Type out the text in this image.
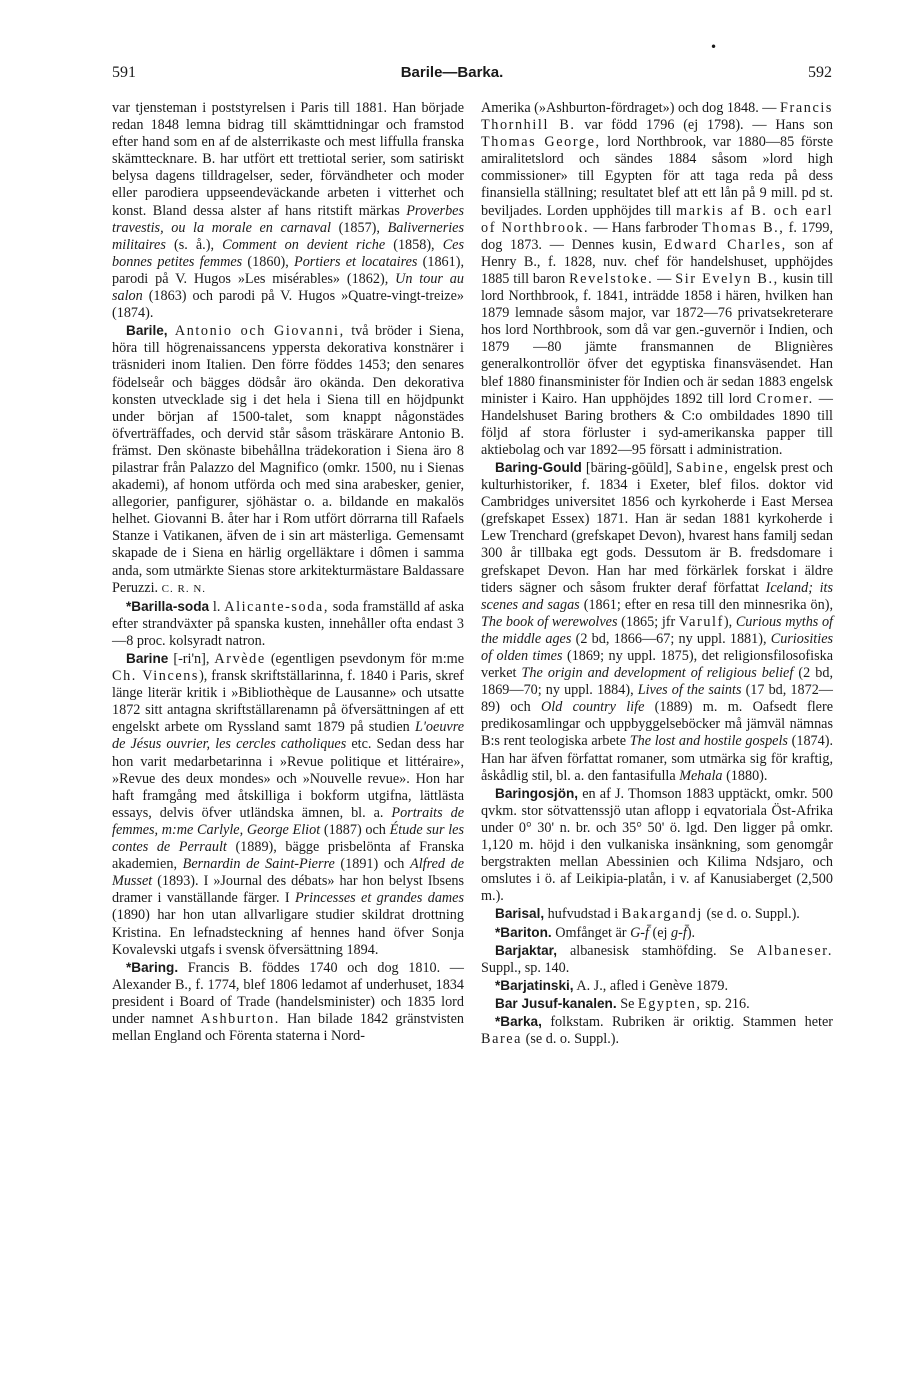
•
591	Barile—Barka.	592

var tjensteman i poststyrelsen i Paris till 1881. Han började redan 1848 lemna bidrag till skämttidningar och framstod efter hand som en af de alsterrikaste och mest liffulla franska skämttecknare. B. har utfört ett trettiotal serier, som satiriskt belysa dagens tilldragelser, seder, förvändheter och moder eller parodiera uppseendeväckande arbeten i vitterhet och konst. Bland dessa alster af hans ritstift märkas Proverbes travestis, ou la morale en carnaval (1857), Baliverneries militaires (s. å.), Comment on devient riche (1858), Ces bonnes petites femmes (1860), Portiers et locataires (1861), parodi på V. Hugos »Les misérables» (1862), Un tour au salon (1863) och parodi på V. Hugos »Quatre-vingt-treize» (1874).

Barile, Antonio och Giovanni, två bröder i Siena, höra till högrenaissancens yppersta dekorativa konstnärer i träsnideri inom Italien. Den förre föddes 1453; den senares födelseår och bägges dödsår äro okända. Den dekorativa konsten utvecklade sig i det hela i Siena till en höjdpunkt under början af 1500-talet, som knappt någonstädes öfverträffades, och dervid står såsom träskärare Antonio B. främst. Den skönaste bibehållna trädekoration i Siena äro 8 pilastrar från Palazzo del Magnifico (omkr. 1500, nu i Sienas akademi), af honom utförda och med sina arabesker, genier, allegorier, panfigurer, sjöhästar o. a. bildande en makalös helhet. Giovanni B. åter har i Rom utfört dörrarna till Rafaels Stanze i Vatikanen, äfven de i sin art mästerliga. Gemensamt skapade de i Siena en härlig orgelläktare i dômen i samma anda, som utmärkte Sienas store arkitekturmästare Baldassare Peruzzi. C. R. N.

*Barilla-soda l. Alicante-soda, soda framställd af aska efter strandväxter på spanska kusten, innehåller ofta endast 3—8 proc. kolsyradt natron.

Barine [-ri'n], Arvède (egentligen psevdonym för m:me Ch. Vincens), fransk skriftställarinna, f. 1840 i Paris, skref länge literär kritik i »Bibliothèque de Lausanne» och utsatte 1872 sitt antagna skriftställarenamn på öfversättningen af ett engelskt arbete om Ryssland samt 1879 på studien L'oeuvre de Jésus ouvrier, les cercles catholiques etc. Sedan dess har hon varit medarbetarinna i »Revue politique et littéraire», »Revue des deux mondes» och »Nouvelle revue». Hon har haft framgång med åtskilliga i bokform utgifna, lättlästa essays, delvis öfver utländska ämnen, bl. a. Portraits de femmes, m:me Carlyle, George Eliot (1887) och Étude sur les contes de Perrault (1889), bägge prisbelönta af Franska akademien, Bernardin de Saint-Pierre (1891) och Alfred de Musset (1893). I »Journal des débats» har hon belyst Ibsens dramer i vanställande färger. I Princesses et grandes dames (1890) har hon utan allvarligare studier skildrat drottning Kristina. En lefnadsteckning af hennes hand öfver Sonja Kovalevski utgafs i svensk öfversättning 1894.

*Baring. Francis B. föddes 1740 och dog 1810. — Alexander B., f. 1774, blef 1806 ledamot af underhuset, 1834 president i Board of Trade (handelsminister) och 1835 lord under namnet Ashburton. Han bilade 1842 gränstvisten mellan England och Förenta staterna i Nord-

Amerika (»Ashburton-fördraget») och dog 1848. — Francis Thornhill B. var född 1796 (ej 1798). — Hans son Thomas George, lord Northbrook, var 1880—85 förste amiralitetslord och sändes 1884 såsom »lord high commissioner» till Egypten för att taga reda på dess finansiella ställning; resultatet blef att ett lån på 9 mill. pd st. beviljades. Lorden upphöjdes till markis af B. och earl of Northbrook. — Hans farbroder Thomas B., f. 1799, dog 1873. — Dennes kusin, Edward Charles, son af Henry B., f. 1828, nuv. chef för handelshuset, upphöjdes 1885 till baron Revelstoke. — Sir Evelyn B., kusin till lord Northbrook, f. 1841, inträdde 1858 i hären, hvilken han 1879 lemnade såsom major, var 1872—76 privatsekreterare hos lord Northbrook, som då var gen.-guvernör i Indien, och 1879 —80 jämte fransmannen de Blignières generalkontrollör öfver det egyptiska finansväsendet. Han blef 1880 finansminister för Indien och är sedan 1883 engelsk minister i Kairo. Han upphöjdes 1892 till lord Cromer. — Handelshuset Baring brothers & C:o ombildades 1890 till följd af stora förluster i syd-amerikanska papper till aktiebolag och var 1892—95 försatt i administration.

Baring-Gould [bäring-gōūld], Sabine, engelsk prest och kulturhistoriker, f. 1834 i Exeter, blef filos. doktor vid Cambridges universitet 1856 och kyrkoherde i East Mersea (grefskapet Essex) 1871. Han är sedan 1881 kyrkoherde i Lew Trenchard (grefskapet Devon), hvarest hans familj sedan 300 år tillbaka egt gods. Dessutom är B. fredsdomare i grefskapet Devon. Han har med förkärlek forskat i äldre tiders sägner och såsom frukter deraf författat Iceland; its scenes and sagas (1861; efter en resa till den minnesrika ön), The book of werewolves (1865; jfr Varulf), Curious myths of the middle ages (2 bd, 1866—67; ny uppl. 1881), Curiosities of olden times (1869; ny uppl. 1875), det religionsfilosofiska verket The origin and development of religious belief (2 bd, 1869—70; ny uppl. 1884), Lives of the saints (17 bd, 1872—89) och Old country life (1889) m. m. Oafsedt flere predikosamlingar och uppbyggelseböcker må jämväl nämnas B:s rent teologiska arbete The lost and hostile gospels (1874). Han har äfven författat romaner, som utmärka sig för kraftig, åskådlig stil, bl. a. den fantasifulla Mehala (1880).

Baringosjön, en af J. Thomson 1883 upptäckt, omkr. 500 qvkm. stor sötvattenssjö utan aflopp i eqvatoriala Öst-Afrika under 0° 30' n. br. och 35° 50' ö. lgd. Den ligger på omkr. 1,120 m. höjd i den vulkaniska insänkning, som genomgår bergstrakten mellan Abessinien och Kilima Ndsjaro, och omslutes i ö. af Leikipia-platån, i v. af Kanusiaberget (2,500 m.).

Barisal, hufvudstad i Bakargandj (se d. o. Suppl.).

*Bariton. Omfånget är G-f̄ (ej g-f̄).

Barjaktar, albanesisk stamhöfding. Se Albaneser. Suppl., sp. 140.

*Barjatinski, A. J., afled i Genève 1879.

Bar Jusuf-kanalen. Se Egypten, sp. 216.

*Barka, folkstam. Rubriken är oriktig. Stammen heter Barea (se d. o. Suppl.).
